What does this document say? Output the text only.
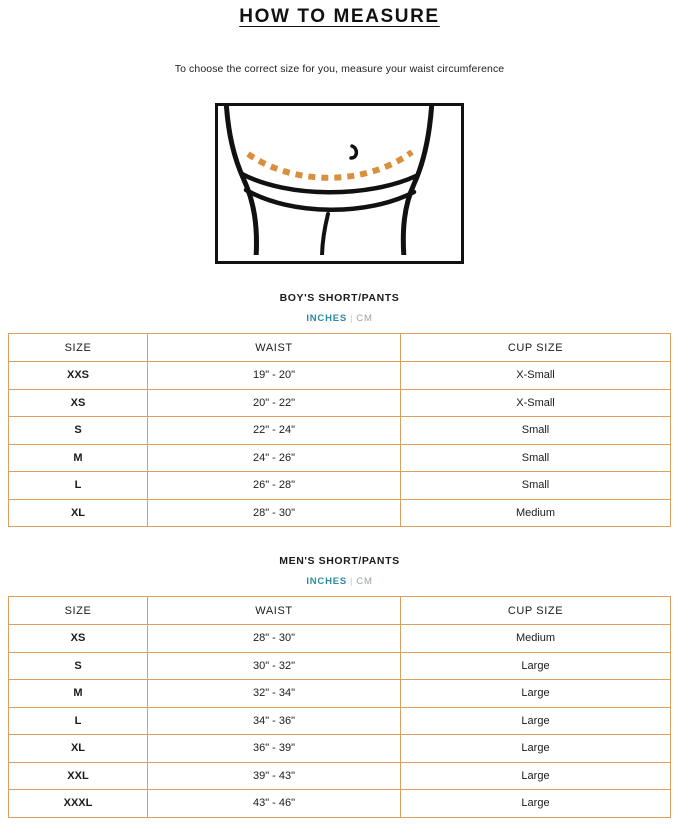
HOW TO MEASURE
To choose the correct size for you, measure your waist circumference
BOY'S SHORT/PANTS
INCHES | CM
SIZE	WAIST	CUP SIZE
XXS	19" - 20"	X-Small
XS	20" - 22"	X-Small
S	22" - 24"	Small
M	24" - 26"	Small
L	26" - 28"	Small
XL	28" - 30"	Medium
MEN'S SHORT/PANTS
INCHES | CM
SIZE	WAIST	CUP SIZE
XS	28" - 30"	Medium
S	30" - 32"	Large
M	32" - 34"	Large
L	34" - 36"	Large
XL	36" - 39"	Large
XXL	39" - 43"	Large
XXXL	43" - 46"	Large
